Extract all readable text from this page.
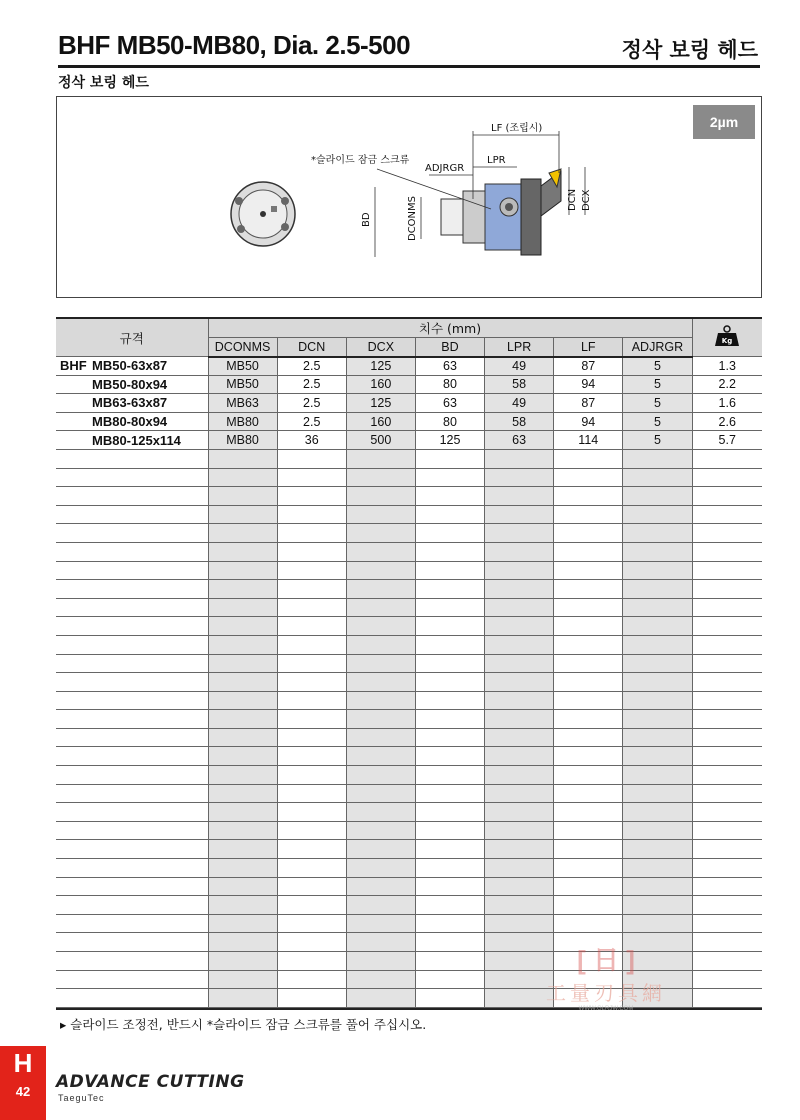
BHF MB50-MB80, Dia. 2.5-500	정삭 보링 헤드
정삭 보링 헤드
2µm
LF (조립시)
LPR
ADJRGR
*슬라이드 잠금 스크류
BD	DCONMS	DCN DCX
규격	치수 (mm)							Kg

	DCONMS	DCN	DCX	BD	LPR	LF	ADJRGR	
BHF MB50-63x87	MB50	2.5	125	63	49	87	5	1.3
MB50-80x94	MB50	2.5	160	80	58	94	5	2.2
MB63-63x87	MB63	2.5	125	63	49	87	5	1.6
MB80-80x94	MB80	2.5	160	80	58	94	5	2.6
MB80-125x114	MB80	36	500	125	63	114	5	5.7

▸ 슬라이드 조정전, 반드시 *슬라이드 잠금 스크류를 풀어 주십시오.
[ 日 ]
工量刃具網
WWW.GLRJW.COM
H
42	ADVANCE CUTTING
TaeguTec
